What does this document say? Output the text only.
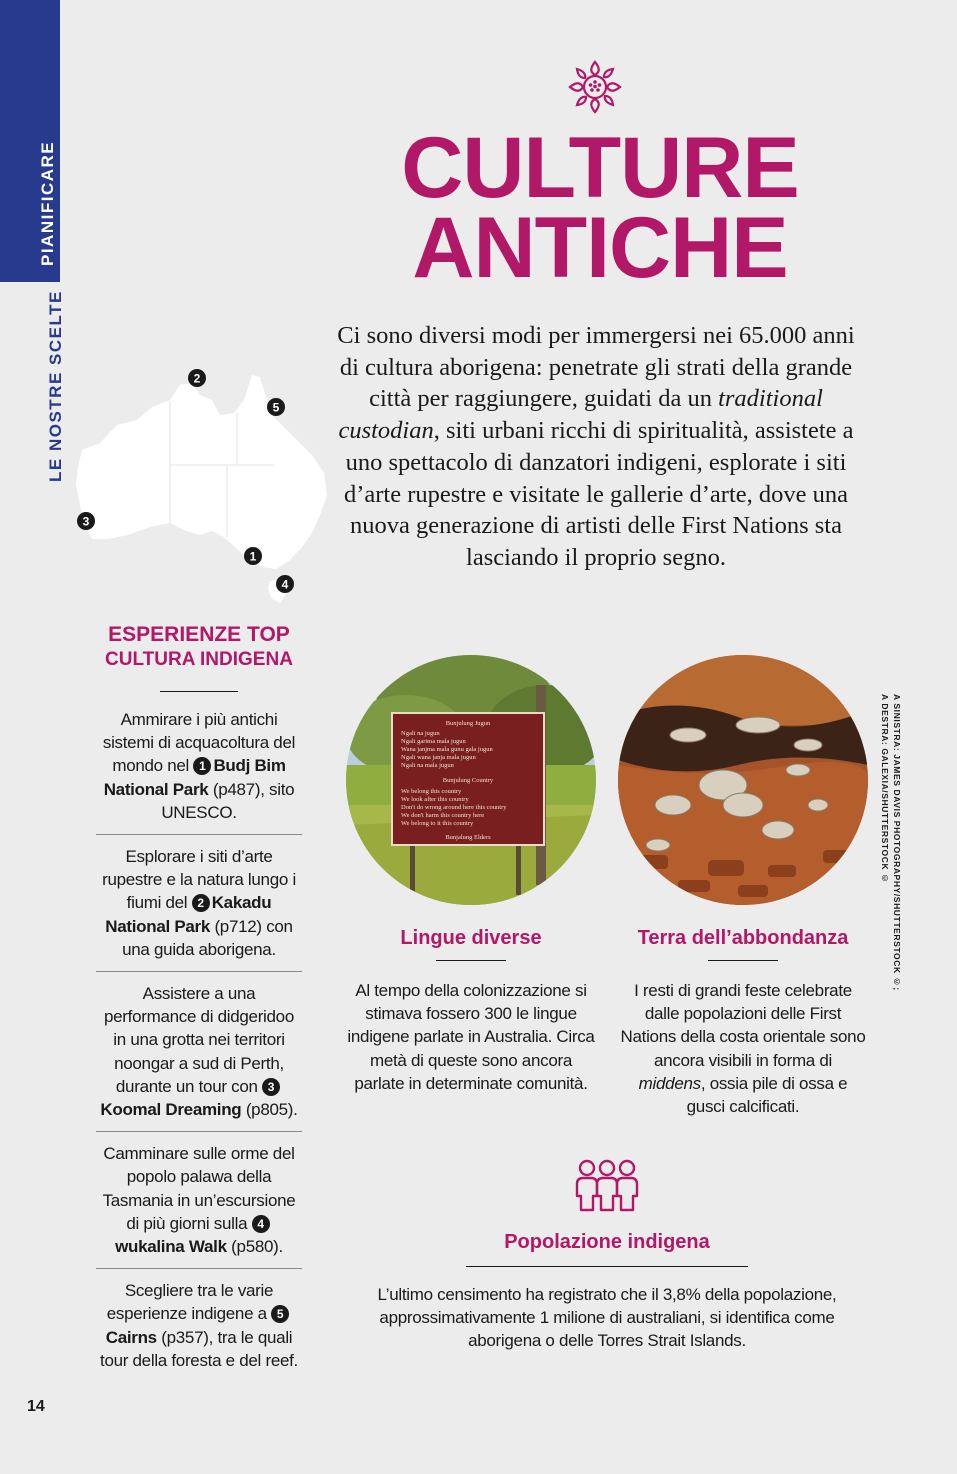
PIANIFICARE
LE NOSTRE SCELTE
CULTURE
ANTICHE

Ci sono diversi modi per immergersi nei 65.000 anni di cultura aborigena: penetrate gli strati della grande città per raggiungere, guidati da un traditional custodian, siti urbani ricchi di spiritualità, assistete a uno spettacolo di danzatori indigeni, esplorate i siti d’arte rupestre e visitate le gallerie d’arte, dove una nuova generazione di artisti delle First Nations sta lasciando il proprio segno.

2
5
3
1
4
ESPERIENZE TOP
CULTURA INDIGENA
Ammirare i più antichi sistemi di acquacoltura del mondo nel 1 Budj Bim National Park (p487), sito UNESCO.
Esplorare i siti d’arte rupestre e la natura lungo i fiumi del 2 Kakadu National Park (p712) con una guida aborigena.
Assistere a una performance di didgeridoo in una grotta nei territori noongar a sud di Perth, durante un tour con 3Koomal Dreaming (p805).
Camminare sulle orme del popolo palawa della Tasmania in un’escursione di più giorni sulla 4wukalina Walk (p580).
Scegliere tra le varie esperienze indigene a 5Cairns (p357), tra le quali tour della foresta e del reef.
Bunjulung Jugun
Ngali na jugun
Ngali garima mala jugun
Wana janjma mala gunu gala jugun
Ngali wana janja mala jugun
Ngali na mala jugun
Bunjulung Country
We belong this country
We look after this country
Don't do wrong around here this country
We don't harm this country here
We belong to it this country
Bunjalung Elders	A SINISTRA: JAMES DAVIS PHOTOGRAPHY/SHUTTERSTOCK ©;
A DESTRA: GALEXIA/SHUTTERSTOCK ©
Lingue diverse

Al tempo della colonizzazione si stimava fossero 300 le lingue indigene parlate in Australia. Circa metà di queste sono ancora parlate in determinate comunità.

Terra dell’abbondanza

I resti di grandi feste celebrate dalle popolazioni delle First Nations della costa orientale sono ancora visibili in forma di middens, ossia pile di ossa e gusci calcificati.

Popolazione indigena

L’ultimo censimento ha registrato che il 3,8% della popolazione, approssimativamente 1 milione di australiani, si identifica come aborigena o delle Torres Strait Islands.

14
